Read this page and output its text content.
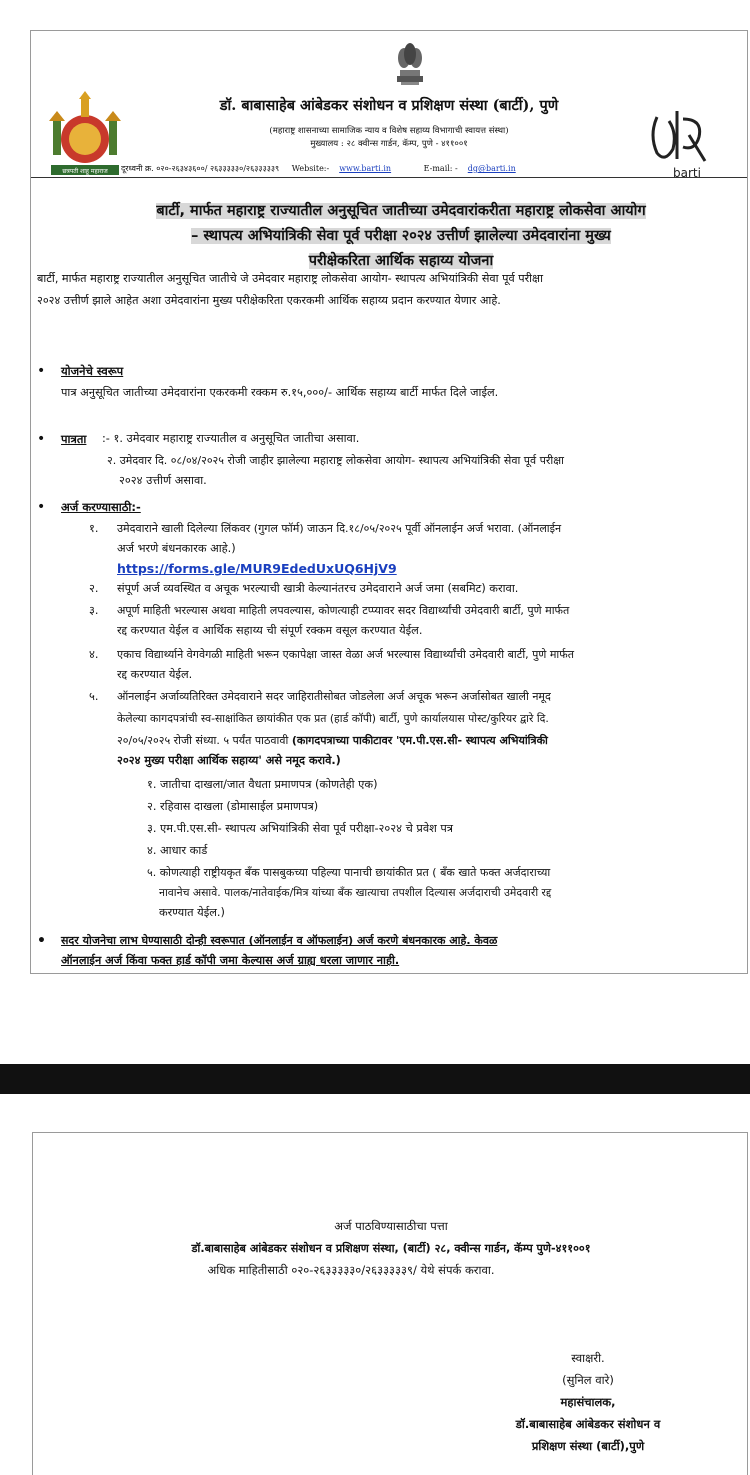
छत्रपती शाहू महाराज	barti
डॉ. बाबासाहेब आंबेडकर संशोधन व प्रशिक्षण संस्था (बार्टी), पुणे
(महाराष्ट्र शासनाच्या सामाजिक न्याय व विशेष सहाय्य विभागाची स्वायत्त संस्था)
मुख्यालय : २८ क्वीन्स गार्डन, कॅम्प, पुणे - ४११००१
दूरध्वनी क्र. ०२०-२६३४३६००/ २६३३३३३०/२६३३३३३९ Website:- www.barti.in	E-mail: - dg@barti.in
बार्टी, मार्फत महाराष्ट्र राज्यातील अनुसूचित जातीच्या उमेदवारांकरीता महाराष्ट्र लोकसेवा आयोग
– स्थापत्य अभियांत्रिकी सेवा पूर्व परीक्षा २०२४ उत्तीर्ण झालेल्या उमेदवारांना मुख्य
परीक्षेकरिता आर्थिक सहाय्य योजना
बार्टी, मार्फत महाराष्ट्र राज्यातील अनुसूचित जातीचे जे उमेदवार महाराष्ट्र लोकसेवा आयोग- स्थापत्य अभियांत्रिकी सेवा पूर्व परीक्षा
२०२४ उत्तीर्ण झाले आहेत अशा उमेदवारांना मुख्य परीक्षेकरिता एकरकमी आर्थिक सहाय्य प्रदान करण्यात येणार आहे.
• योजनेचे स्वरूप
पात्र अनुसूचित जातीच्या उमेदवारांना एकरकमी रक्कम रु.१५,०००/- आर्थिक सहाय्य बार्टी मार्फत दिले जाईल.
• पात्रता :- १. उमेदवार महाराष्ट्र राज्यातील व अनुसूचित जातीचा असावा.
२. उमेदवार दि. ०८/०४/२०२५ रोजी जाहीर झालेल्या महाराष्ट्र लोकसेवा आयोग- स्थापत्य अभियांत्रिकी सेवा पूर्व परीक्षा
२०२४ उत्तीर्ण असावा.
• अर्ज करण्यासाठी:-
१. उमेदवाराने खाली दिलेल्या लिंकवर (गुगल फॉर्म) जाऊन दि.१८/०५/२०२५ पूर्वी ऑनलाईन अर्ज भरावा. (ऑनलाईन
अर्ज भरणे बंधनकारक आहे.)
https://forms.gle/MUR9EdedUxUQ6HjV9
२. संपूर्ण अर्ज व्यवस्थित व अचूक भरल्याची खात्री केल्यानंतरच उमेदवाराने अर्ज जमा (सबमिट) करावा.
३. अपूर्ण माहिती भरल्यास अथवा माहिती लपवल्यास, कोणत्याही टप्प्यावर सदर विद्यार्थ्यांची उमेदवारी बार्टी, पुणे मार्फत
रद्द करण्यात येईल व आर्थिक सहाय्य ची संपूर्ण रक्कम वसूल करण्यात येईल.
४. एकाच विद्यार्थ्याने वेगवेगळी माहिती भरून एकापेक्षा जास्त वेळा अर्ज भरल्यास विद्यार्थ्यांची उमेदवारी बार्टी, पुणे मार्फत
रद्द करण्यात येईल.
५. ऑनलाईन अर्जाव्यतिरिक्त उमेदवाराने सदर जाहिरातीसोबत जोडलेला अर्ज अचूक भरून अर्जासोबत खाली नमूद
केलेल्या कागदपत्रांची स्व-साक्षांकित छायांकीत एक प्रत (हार्ड कॉपी) बार्टी, पुणे कार्यालयास पोस्ट/कुरियर द्वारे दि.
२०/०५/२०२५ रोजी संध्या. ५ पर्यंत पाठवावी (कागदपत्राच्या पाकीटावर 'एम.पी.एस.सी- स्थापत्य अभियांत्रिकी
२०२४ मुख्य परीक्षा आर्थिक सहाय्य' असे नमूद करावे.)
१. जातीचा दाखला/जात वैधता प्रमाणपत्र (कोणतेही एक)
२. रहिवास दाखला (डोमासाईल प्रमाणपत्र)
३. एम.पी.एस.सी- स्थापत्य अभियांत्रिकी सेवा पूर्व परीक्षा-२०२४ चे प्रवेश पत्र
४. आधार कार्ड
५. कोणत्याही राष्ट्रीयकृत बँक पासबुकच्या पहिल्या पानाची छायांकीत प्रत ( बँक खाते फक्त अर्जदाराच्या
नावानेच असावे. पालक/नातेवाईक/मित्र यांच्या बँक खात्याचा तपशील दिल्यास अर्जदाराची उमेदवारी रद्द
करण्यात येईल.)
• सदर योजनेचा लाभ घेण्यासाठी दोन्ही स्वरूपात (ऑनलाईन व ऑफलाईन) अर्ज करणे बंधनकारक आहे. केवळ
ऑनलाईन अर्ज किंवा फक्त हार्ड कॉपी जमा केल्यास अर्ज ग्राह्य धरला जाणार नाही.
अर्ज पाठविण्यासाठीचा पत्ता
डॉ.बाबासाहेब आंबेडकर संशोधन व प्रशिक्षण संस्था, (बार्टी) २८, क्वीन्स गार्डन, कॅम्प पुणे-४११००१
अधिक माहितीसाठी ०२०-२६३३३३३०/२६३३३३३९/ येथे संपर्क करावा.
स्वाक्षरी.
(सुनिल वारे)
महासंचालक,
डॉ.बाबासाहेब आंबेडकर संशोधन व
प्रशिक्षण संस्था (बार्टी),पुणे
